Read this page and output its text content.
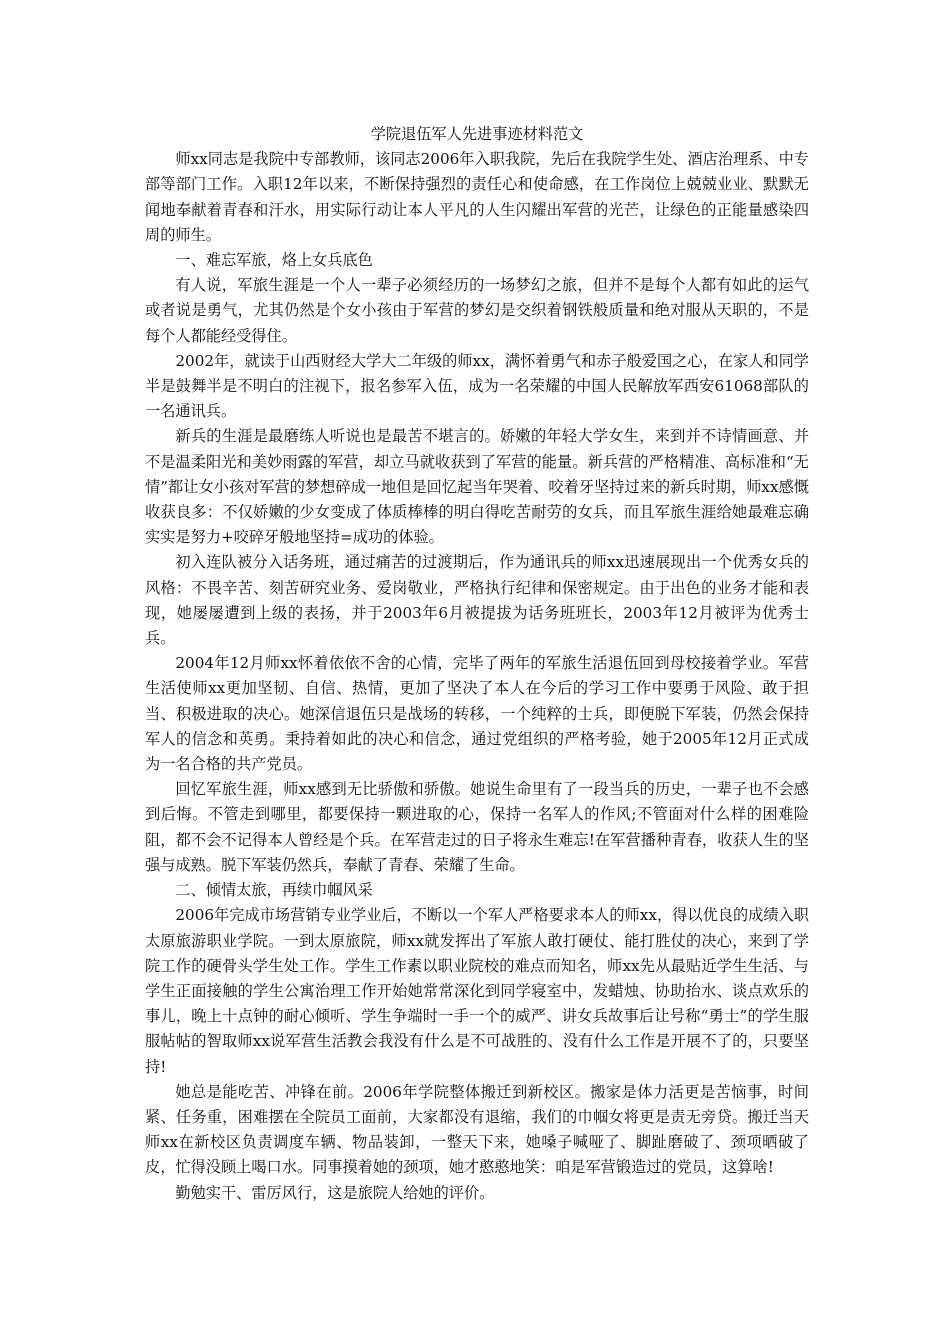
学院退伍军人先进事迹材料范文

师xx同志是我院中专部教师，该同志2006年入职我院，先后在我院学生处、酒店治理系、中专部等部门工作。入职12年以来，不断保持强烈的责任心和使命感，在工作岗位上兢兢业业、默默无闻地奉献着青春和汗水，用实际行动让本人平凡的人生闪耀出军营的光芒，让绿色的正能量感染四周的师生。

一、难忘军旅，烙上女兵底色

有人说，军旅生涯是一个人一辈子必须经历的一场梦幻之旅，但并不是每个人都有如此的运气或者说是勇气，尤其仍然是个女小孩由于军营的梦幻是交织着钢铁般质量和绝对服从天职的，不是每个人都能经受得住。

2002年，就读于山西财经大学大二年级的师xx，满怀着勇气和赤子般爱国之心，在家人和同学半是鼓舞半是不明白的注视下，报名参军入伍，成为一名荣耀的中国人民解放军西安61068部队的一名通讯兵。

新兵的生涯是最磨练人听说也是最苦不堪言的。娇嫩的年轻大学女生，来到并不诗情画意、并不是温柔阳光和美妙雨露的军营，却立马就收获到了军营的能量。新兵营的严格精准、高标准和“无情”都让女小孩对军营的梦想碎成一地但是回忆起当年哭着、咬着牙坚持过来的新兵时期，师xx感慨收获良多：不仅娇嫩的少女变成了体质棒棒的明白得吃苦耐劳的女兵，而且军旅生涯给她最难忘确实实是努力+咬碎牙般地坚持=成功的体验。

初入连队被分入话务班，通过痛苦的过渡期后，作为通讯兵的师xx迅速展现出一个优秀女兵的风格：不畏辛苦、刻苦研究业务、爱岗敬业，严格执行纪律和保密规定。由于出色的业务才能和表现，她屡屡遭到上级的表扬，并于2003年6月被提拔为话务班班长，2003年12月被评为优秀士兵。

2004年12月师xx怀着依依不舍的心情，完毕了两年的军旅生活退伍回到母校接着学业。军营生活使师xx更加坚韧、自信、热情，更加了坚决了本人在今后的学习工作中要勇于风险、敢于担当、积极进取的决心。她深信退伍只是战场的转移，一个纯粹的士兵，即便脱下军装，仍然会保持军人的信念和英勇。秉持着如此的决心和信念，通过党组织的严格考验，她于2005年12月正式成为一名合格的共产党员。

回忆军旅生涯，师xx感到无比骄傲和骄傲。她说生命里有了一段当兵的历史，一辈子也不会感到后悔。不管走到哪里，都要保持一颗进取的心，保持一名军人的作风;不管面对什么样的困难险阻，都不会不记得本人曾经是个兵。在军营走过的日子将永生难忘!在军营播种青春，收获人生的坚强与成熟。脱下军装仍然兵，奉献了青春、荣耀了生命。

二、倾情太旅，再续巾帼风采

2006年完成市场营销专业学业后，不断以一个军人严格要求本人的师xx，得以优良的成绩入职太原旅游职业学院。一到太原旅院，师xx就发挥出了军旅人敢打硬仗、能打胜仗的决心，来到了学院工作的硬骨头学生处工作。学生工作素以职业院校的难点而知名，师xx先从最贴近学生生活、与学生正面接触的学生公寓治理工作开始她常常深化到同学寝室中，发蜡烛、协助抬水、谈点欢乐的事儿，晚上十点钟的耐心倾听、学生争端时一手一个的威严、讲女兵故事后让号称“勇士”的学生服服帖帖的智取师xx说军营生活教会我没有什么是不可战胜的、没有什么工作是开展不了的，只要坚持!

她总是能吃苦、冲锋在前。2006年学院整体搬迁到新校区。搬家是体力活更是苦恼事，时间紧、任务重，困难摆在全院员工面前，大家都没有退缩，我们的巾帼女将更是责无旁贷。搬迁当天师xx在新校区负责调度车辆、物品装卸，一整天下来，她嗓子喊哑了、脚趾磨破了、颈项晒破了皮，忙得没顾上喝口水。同事摸着她的颈项，她才憨憨地笑：咱是军营锻造过的党员，这算啥!

勤勉实干、雷厉风行，这是旅院人给她的评价。
